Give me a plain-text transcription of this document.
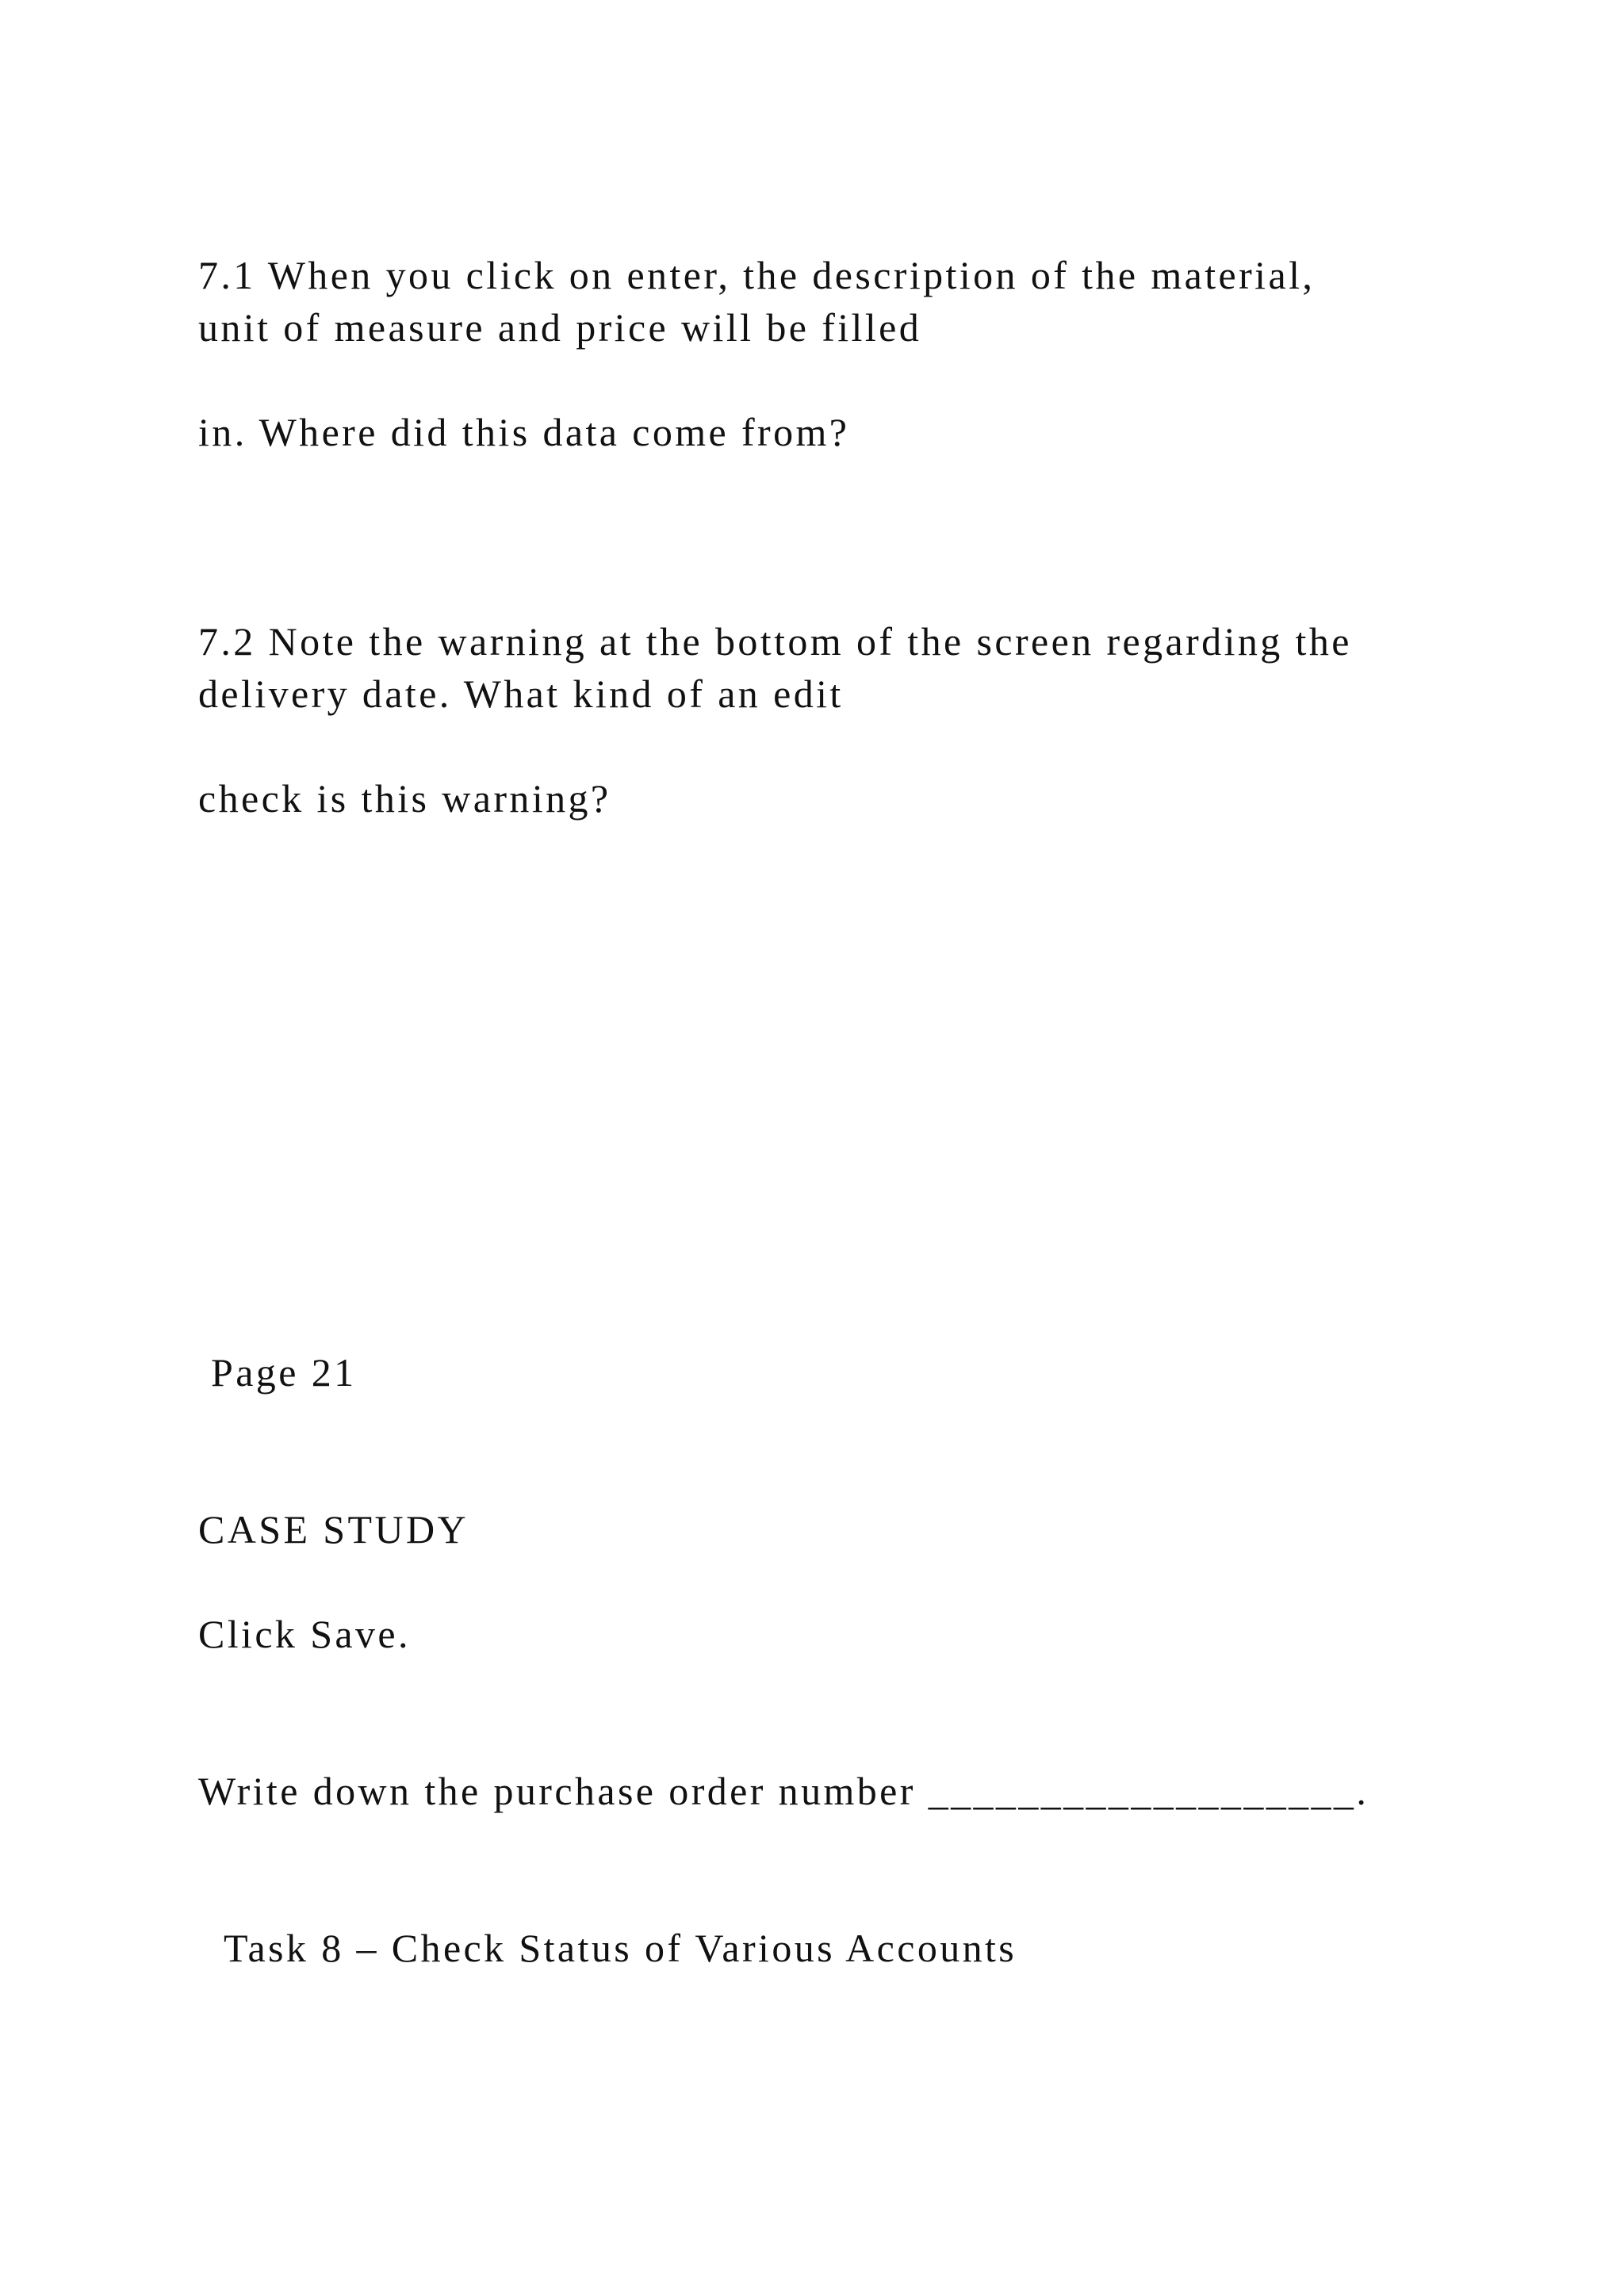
7.1 When you click on enter, the description of the material,
unit of measure and price will be filled
in. Where did this data come from?
7.2 Note the warning at the bottom of the screen regarding the
delivery date. What kind of an edit
check is this warning?
Page 21
CASE STUDY
Click Save.
Write down the purchase order number ___________________.
Task 8 – Check Status of Various Accounts
